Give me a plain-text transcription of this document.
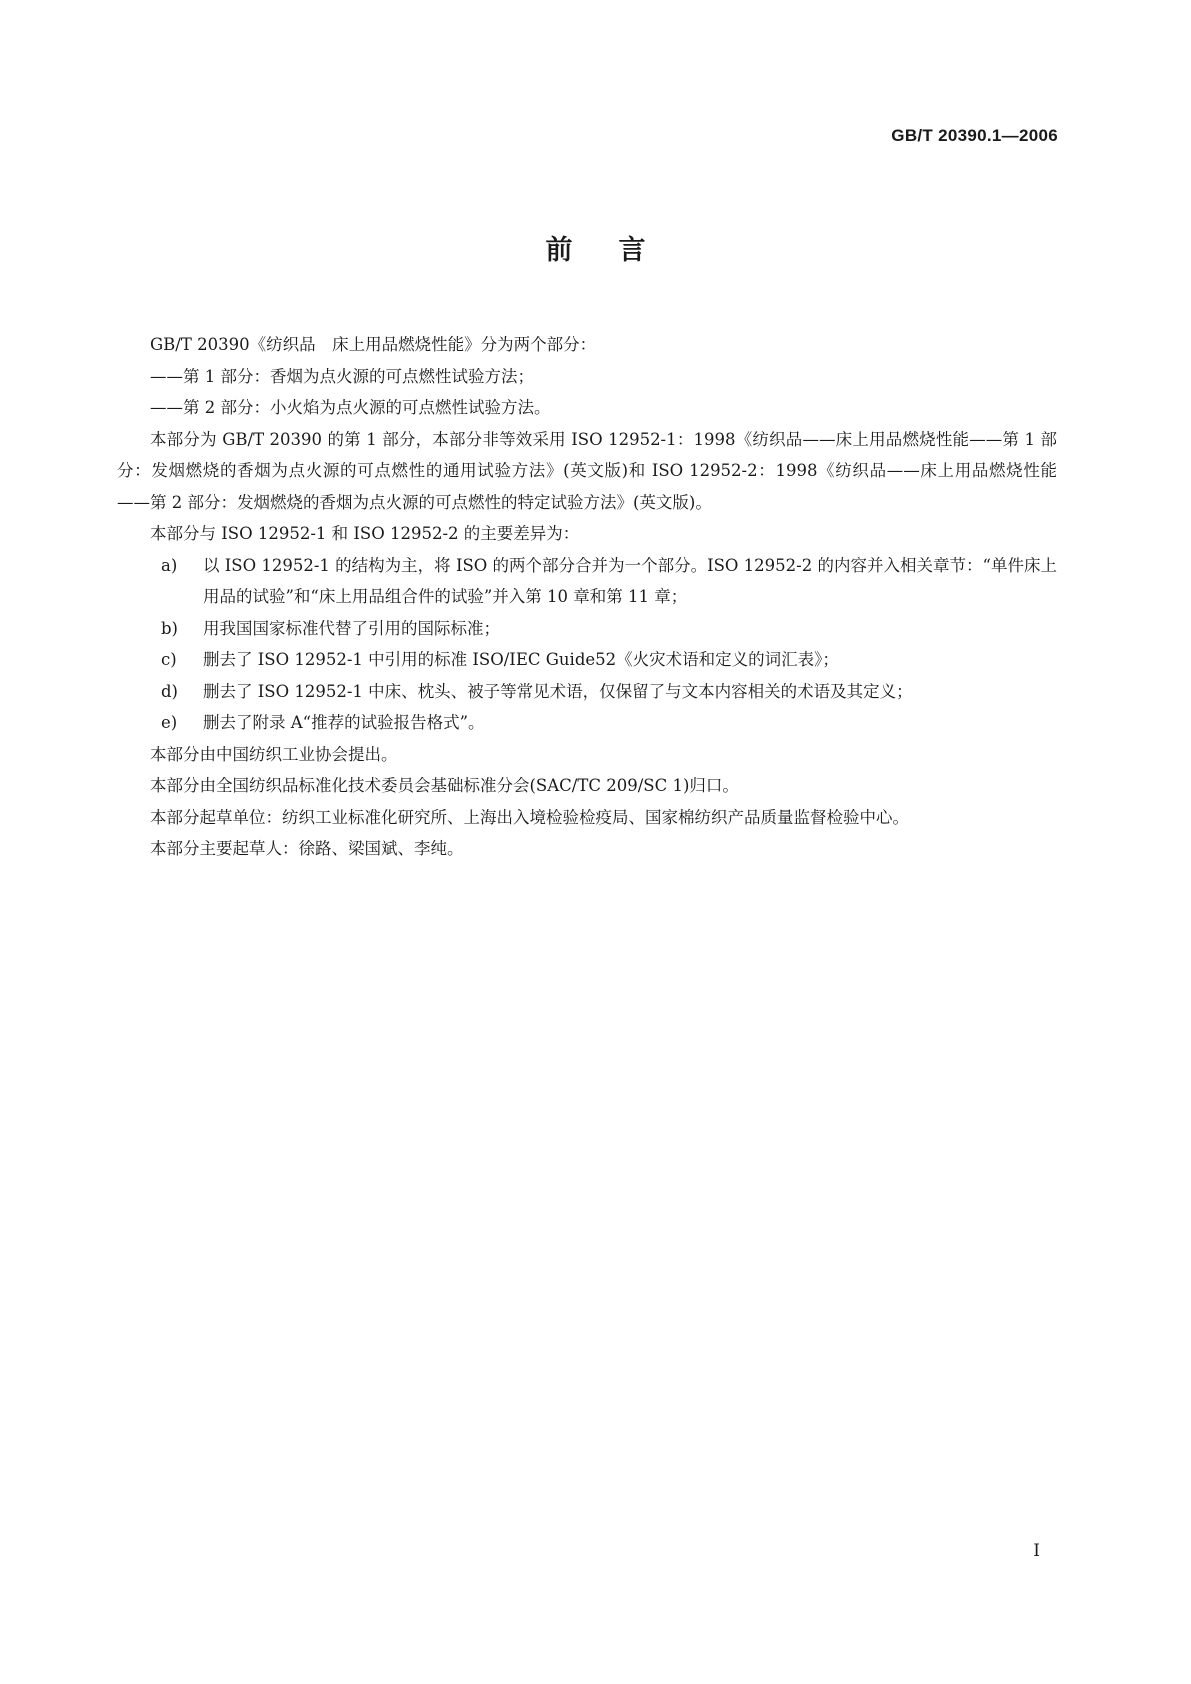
GB/T 20390.1—2006
前言

GB/T 20390《纺织品　床上用品燃烧性能》分为两个部分：

——第 1 部分：香烟为点火源的可点燃性试验方法；

——第 2 部分：小火焰为点火源的可点燃性试验方法。

本部分为 GB/T 20390 的第 1 部分，本部分非等效采用 ISO 12952-1：1998《纺织品——床上用品燃烧性能——第 1 部分：发烟燃烧的香烟为点火源的可点燃性的通用试验方法》(英文版)和 ISO 12952-2：1998《纺织品——床上用品燃烧性能——第 2 部分：发烟燃烧的香烟为点火源的可点燃性的特定试验方法》(英文版)。

本部分与 ISO 12952-1 和 ISO 12952-2 的主要差异为：

a) 以 ISO 12952-1 的结构为主，将 ISO 的两个部分合并为一个部分。ISO 12952-2 的内容并入相关章节：“单件床上用品的试验”和“床上用品组合件的试验”并入第 10 章和第 11 章；
b) 用我国国家标准代替了引用的国际标准；
c) 删去了 ISO 12952-1 中引用的标准 ISO/IEC Guide52《火灾术语和定义的词汇表》；
d) 删去了 ISO 12952-1 中床、枕头、被子等常见术语，仅保留了与文本内容相关的术语及其定义；
e) 删去了附录 A“推荐的试验报告格式”。

本部分由中国纺织工业协会提出。

本部分由全国纺织品标准化技术委员会基础标准分会(SAC/TC 209/SC 1)归口。

本部分起草单位：纺织工业标准化研究所、上海出入境检验检疫局、国家棉纺织产品质量监督检验中心。

本部分主要起草人：徐路、梁国斌、李纯。

I
